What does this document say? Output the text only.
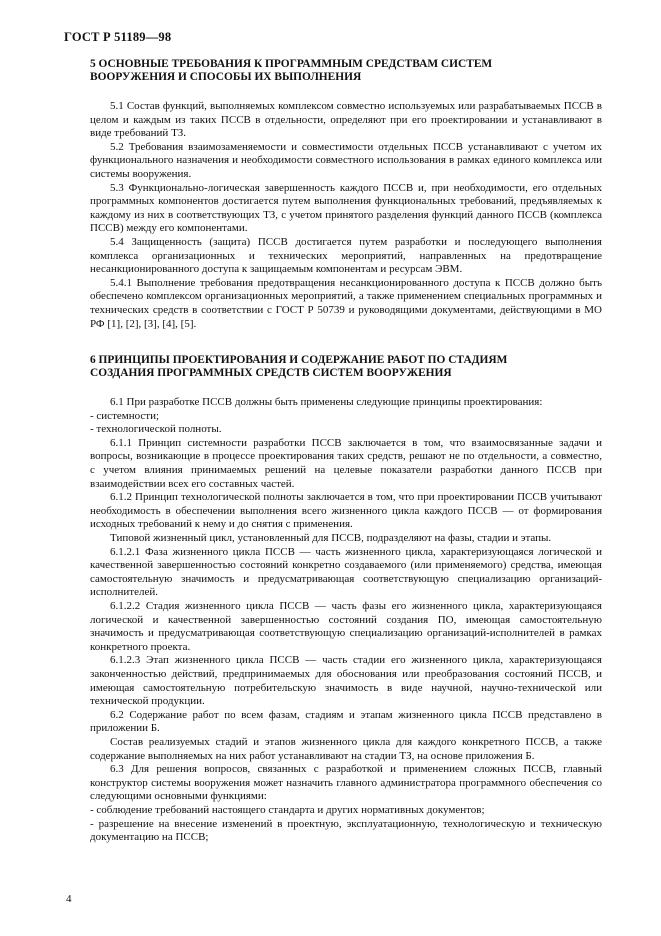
ГОСТ Р 51189—98
5 ОСНОВНЫЕ ТРЕБОВАНИЯ К ПРОГРАММНЫМ СРЕДСТВАМ СИСТЕМ
ВООРУЖЕНИЯ И СПОСОБЫ ИХ ВЫПОЛНЕНИЯ

5.1 Состав функций, выполняемых комплексом совместно используемых или разрабатываемых ПССВ в целом и каждым из таких ПССВ в отдельности, определяют при его проектировании и устанавливают в виде требований ТЗ.

5.2 Требования взаимозаменяемости и совместимости отдельных ПССВ устанавливают с учетом их функционального назначения и необходимости совместного использования в рамках единого комплекса или системы вооружения.

5.3 Функционально-логическая завершенность каждого ПССВ и, при необходимости, его отдельных программных компонентов достигается путем выполнения функциональных требований, предъявляемых к каждому из них в соответствующих ТЗ, с учетом принятого разделения функций данного ПССВ (комплекса ПССВ) между его компонентами.

5.4 Защищенность (защита) ПССВ достигается путем разработки и последующего выполнения комплекса организационных и технических мероприятий, направленных на предотвращение несанкционированного доступа к защищаемым компонентам и ресурсам ЭВМ.

5.4.1 Выполнение требования предотвращения несанкционированного доступа к ПССВ должно быть обеспечено комплексом организационных мероприятий, а также применением специальных программных и технических средств в соответствии с ГОСТ Р 50739 и руководящими документами, действующими в МО РФ [1], [2], [3], [4], [5].

6 ПРИНЦИПЫ ПРОЕКТИРОВАНИЯ И СОДЕРЖАНИЕ РАБОТ ПО СТАДИЯМ
СОЗДАНИЯ ПРОГРАММНЫХ СРЕДСТВ СИСТЕМ ВООРУЖЕНИЯ

6.1 При разработке ПССВ должны быть применены следующие принципы проектирования:

- системности;

- технологической полноты.

6.1.1 Принцип системности разработки ПССВ заключается в том, что взаимосвязанные задачи и вопросы, возникающие в процессе проектирования таких средств, решают не по отдельности, а совместно, с учетом влияния принимаемых решений на целевые показатели разработки данного ПССВ при взаимодействии всех его составных частей.

6.1.2 Принцип технологической полноты заключается в том, что при проектировании ПССВ учитывают необходимость в обеспечении выполнения всего жизненного цикла каждого ПССВ — от формирования исходных требований к нему и до снятия с применения.

Типовой жизненный цикл, установленный для ПССВ, подразделяют на фазы, стадии и этапы.

6.1.2.1 Фаза жизненного цикла ПССВ — часть жизненного цикла, характеризующаяся логической и качественной завершенностью состояний конкретно создаваемого (или применяемого) средства, имеющая самостоятельную значимость и предусматривающая соответствующую специализацию организаций-исполнителей.

6.1.2.2 Стадия жизненного цикла ПССВ — часть фазы его жизненного цикла, характеризующаяся логической и качественной завершенностью состояний создания ПО, имеющая самостоятельную значимость и предусматривающая соответствующую специализацию организаций-исполнителей в рамках конкретного проекта.

6.1.2.3 Этап жизненного цикла ПССВ — часть стадии его жизненного цикла, характеризующаяся законченностью действий, предпринимаемых для обоснования или преобразования состояний ПССВ, и имеющая самостоятельную потребительскую значимость в виде научной, научно-технической или технической продукции.

6.2 Содержание работ по всем фазам, стадиям и этапам жизненного цикла ПССВ представлено в приложении Б.

Состав реализуемых стадий и этапов жизненного цикла для каждого конкретного ПССВ, а также содержание выполняемых на них работ устанавливают на стадии ТЗ, на основе приложения Б.

6.3 Для решения вопросов, связанных с разработкой и применением сложных ПССВ, главный конструктор системы вооружения может назначить главного администратора программного обеспечения со следующими основными функциями:

- соблюдение требований настоящего стандарта и других нормативных документов;

- разрешение на внесение изменений в проектную, эксплуатационную, технологическую и техническую документацию на ПССВ;

4
